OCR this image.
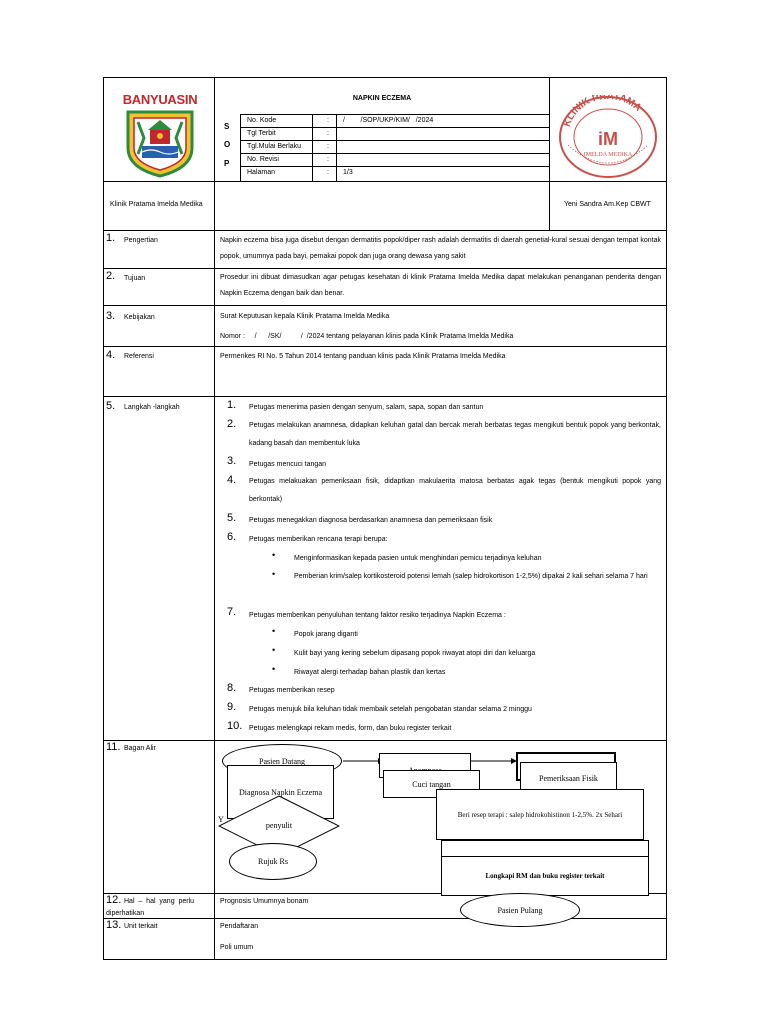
BANYUASIN	NAPKIN ECZEMA
S
O
P
No. Kode	: /        /SOP/UKP/KIM/   /2024
Tgl Terbit	:
Tgl.Mulai Berlaku	:
No. Revisi	:
Halaman	: 1/3
KLINIK PRATAMA
iM
IMELDA MEDIKA
Klinik Pratama Imelda Medika	Yeni Sandra Am.Kep CBWT
1. Pengertian	Napkin eczema bisa juga disebut dengan dermatitis popok/diper rash adalah dermatitis di daerah genetial-kural sesuai dengan tempat kontak popok, umumnya pada bayi, pemakai popok dan juga orang dewasa yang sakit
2. Tujuan	Prosedur ini dibuat dimasudkan agar petugas kesehatan di klinik Pratama Imelda Medika dapat melakukan penanganan penderita dengan Napkin Eczema dengan baik dan benar.
3. Kebijakan	Surat Keputusan kepala Klinik Pratama Imelda Medika
Nomor :     /      /SK/          /  /2024 tentang pelayanan klinis pada Klinik Pratama Imelda Medika
4. Referensi	Permenkes RI No. 5 Tahun 2014 tentang panduan klinis pada Klinik Pratama Imelda Medika
5. Langkah -langkah	1. Petugas menerima pasien dengan senyum, salam, sapa, sopan dan santun
2. Petugas melakukan anamnesa, didapkan keluhan gatal dan bercak merah berbatas tegas mengikuti bentuk popok yang berkontak, kadang basah dan membentuk luka
3. Petugas mencuci tangan
4. Petugas melakuakan pemeriksaan fisik, didaptkan makulaerita matosa berbatas agak tegas (bentuk mengikuti popok yang berkontak)
5. Petugas menegakkan diagnosa berdasarkan anamnesa dan pemeriksaan fisik
6. Petugas memberikan rencana terapi berupa:
•	Menginformasikan kepada pasien untuk menghindari pemicu terjadinya keluhan
•	Pemberian krim/salep kortikosteroid potensi lemah (salep hidrokortison 1-2,5%) dipakai 2 kali sehari selama 7 hari
7. Petugas memberikan penyuluhan tentang faktor resiko terjadinya Napkin Eczema :
•	Popok jarang diganti
•	Kulit bayi yang kering sebelum dipasang popok riwayat atopi diri dan keluarga
•	Riwayat alergi terhadap bahan plastik dan kertas
8. Petugas memberikan resep
9. Petugas merujuk bila keluhan tidak membaik setelah pengobatan standar selama 2 minggu
10. Petugas melengkapi rekam medis, form, dan buku register terkait
11. Bagan Alir
Pasien Datang
Cuci tangan
Pemeriksaan Fisik
Diagnosa Napkin Eczema
Y
penyulit
Beri resep terapi : salep hidrokohistinon 1-2,5%. 2x Sehari
Rujuk Rs
Longkapi RM dan buku register terkait
Pasien Pulang
12. Hal  –  hal  yang  perlu
diperhatikan
Prognosis Umumnya bonam
13. Unit terkait	Pendaftaran
Poli umum
